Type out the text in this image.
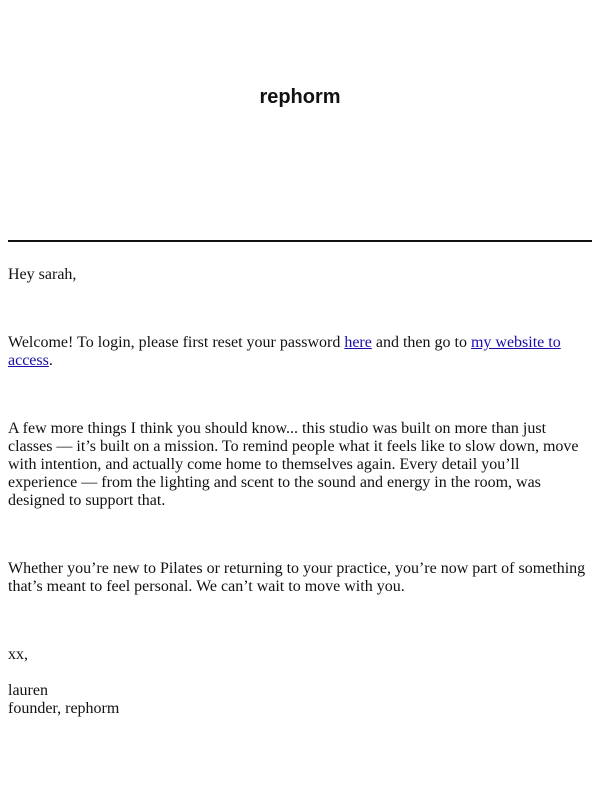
rephorm

Hey sarah,

Welcome! To login, please first reset your password here and then go to my website to access.

A few more things I think you should know... this studio was built on more than just classes — it’s built on a mission. To remind people what it feels like to slow down, move with intention, and actually come home to themselves again. Every detail you’ll experience — from the lighting and scent to the sound and energy in the room, was designed to support that.

Whether you’re new to Pilates or returning to your practice, you’re now part of something that’s meant to feel personal. We can’t wait to move with you.

xx,

lauren

founder, rephorm
